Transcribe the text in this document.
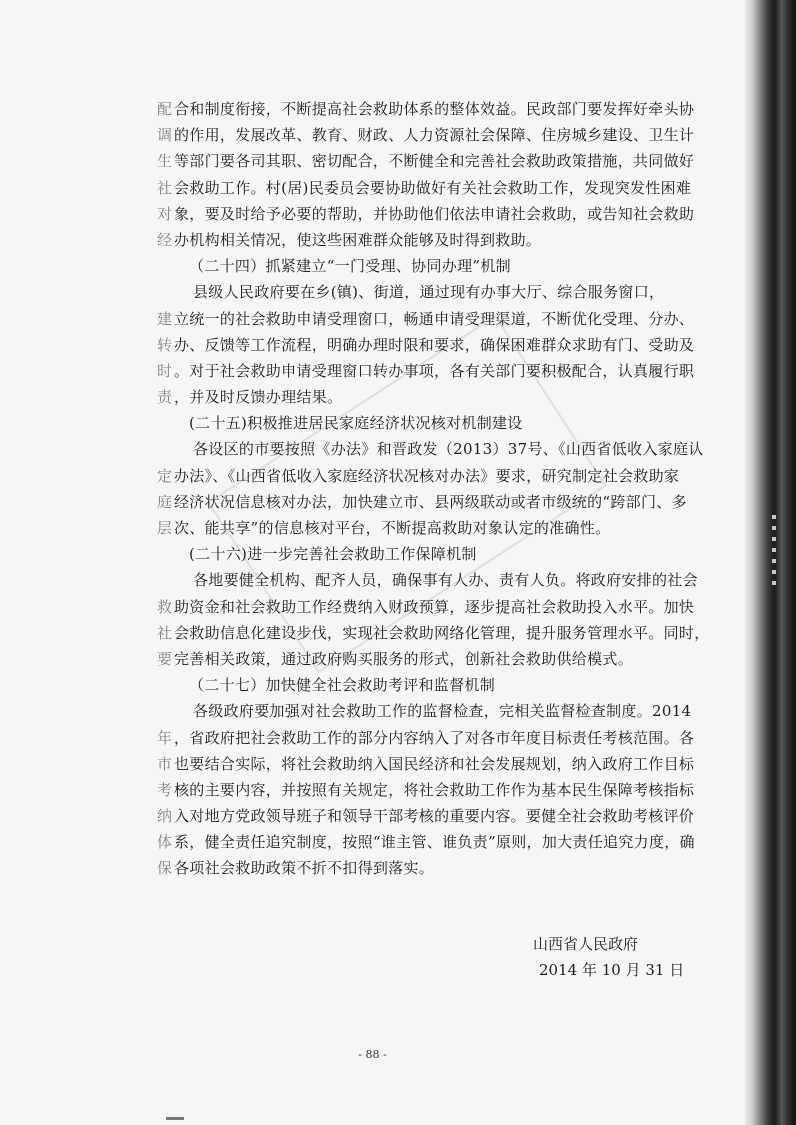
配 合和制度衔接，不断提高社会救助体系的整体效益。民政部门要发挥好牵头协
调 的作用，发展改革、教育、财政、人力资源社会保障、住房城乡建设、卫生计
生 等部门要各司其职、密切配合，不断健全和完善社会救助政策措施，共同做好
社 会救助工作。村(居)民委员会要协助做好有关社会救助工作，发现突发性困难
对 象，要及时给予必要的帮助，并协助他们依法申请社会救助，或告知社会救助
经 办机构相关情况，使这些困难群众能够及时得到救助。
（二十四）抓紧建立“一门受理、协同办理”机制
县级人民政府要在乡(镇)、街道，通过现有办事大厅、综合服务窗口，
建 立统一的社会救助申请受理窗口，畅通申请受理渠道，不断优化受理、分办、
转 办、反馈等工作流程，明确办理时限和要求，确保困难群众求助有门、受助及
时 。对于社会救助申请受理窗口转办事项，各有关部门要积极配合，认真履行职
责 ，并及时反馈办理结果。
(二十五)积极推进居民家庭经济状况核对机制建设
各设区的市要按照《办法》和晋政发（2013）37号、《山西省低收入家庭认
定 办法》、《山西省低收入家庭经济状况核对办法》要求，研究制定社会救助家
庭 经济状况信息核对办法，加快建立市、县两级联动或者市级统的“跨部门、多
层 次、能共享”的信息核对平台，不断提高救助对象认定的准确性。
(二十六)进一步完善社会救助工作保障机制
各地要健全机构、配齐人员，确保事有人办、责有人负。将政府安排的社会
救 助资金和社会救助工作经费纳入财政预算，逐步提高社会救助投入水平。加快
社 会救助信息化建设步伐，实现社会救助网络化管理，提升服务管理水平。同时，
要 完善相关政策，通过政府购买服务的形式，创新社会救助供给模式。
（二十七）加快健全社会救助考评和监督机制
各级政府要加强对社会救助工作的监督检查，完相关监督检查制度。2014
年 ，省政府把社会救助工作的部分内容纳入了对各市年度目标责任考核范围。各
市 也要结合实际，将社会救助纳入国民经济和社会发展规划，纳入政府工作目标
考 核的主要内容，并按照有关规定，将社会救助工作作为基本民生保障考核指标
纳 入对地方党政领导班子和领导干部考核的重要内容。要健全社会救助考核评价
体 系，健全责任追究制度，按照“谁主管、谁负责”原则，加大责任追究力度，确
保 各项社会救助政策不折不扣得到落实。
山西省人民政府
2014 年 10 月 31 日
- 88 -
